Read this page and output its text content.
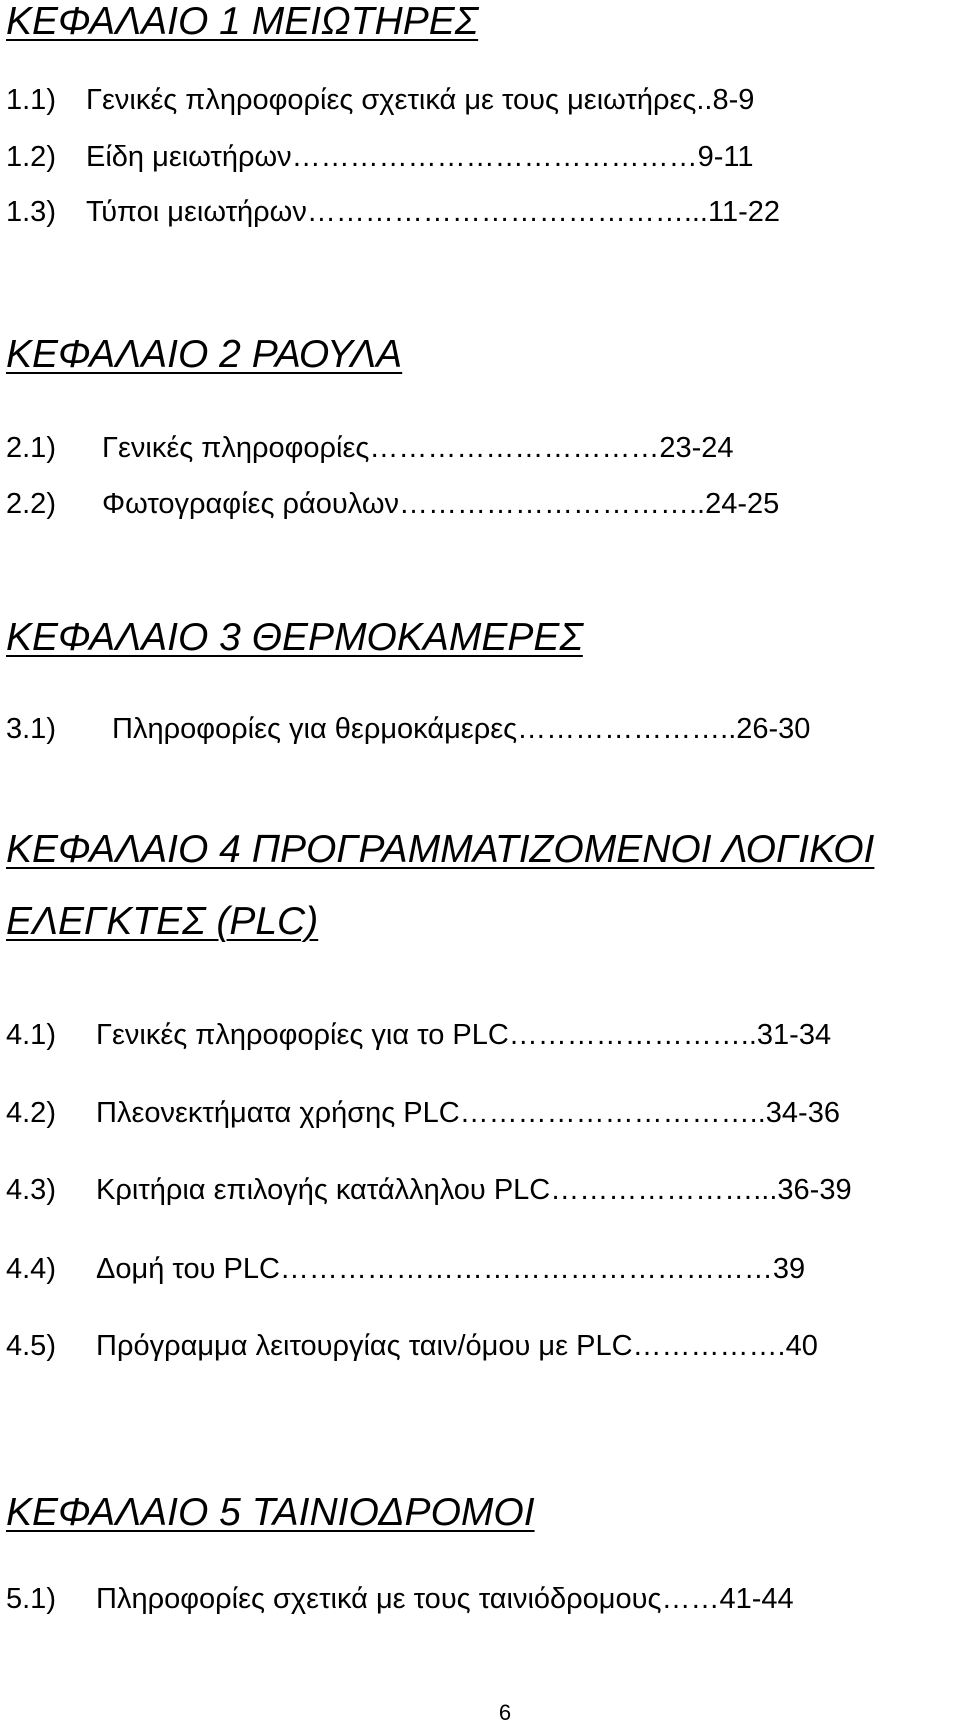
ΚΕΦΑΛΑΙΟ 1 ΜΕΙΩΤΗΡΕΣ
1.1) Γενικές πληροφορίες σχετικά με τους μειωτήρες..8-9
1.2) Είδη μειωτήρων……………………………………9-11
1.3) Τύποι μειωτήρων…………………………………...11-22
ΚΕΦΑΛΑΙΟ 2 ΡΑΟΥΛΑ
2.1) Γενικές πληροφορίες…………………………23-24
2.2) Φωτογραφίες ράουλων…………………………..24-25
ΚΕΦΑΛΑΙΟ 3 ΘΕΡΜΟΚΑΜΕΡΕΣ
3.1) Πληροφορίες για θερμοκάμερες…………………..26-30
ΚΕΦΑΛΑΙΟ 4 ΠΡΟΓΡΑΜΜΑΤΙΖΟΜΕΝΟΙ ΛΟΓΙΚΟΙ ΕΛΕΓΚΤΕΣ (PLC)
4.1) Γενικές πληροφορίες για το PLC……………………..31-34
4.2) Πλεονεκτήματα χρήσης PLC…………………………..34-36
4.3) Κριτήρια επιλογής κατάλληλου PLC…………………...36-39
4.4) Δομή του PLC……………………………………………39
4.5) Πρόγραμμα λειτουργίας ταιν/όμου με PLC…………….40
ΚΕΦΑΛΑΙΟ 5 ΤΑΙΝΙΟΔΡΟΜΟΙ
5.1) Πληροφορίες σχετικά με τους ταινιόδρομους……41-44
6
